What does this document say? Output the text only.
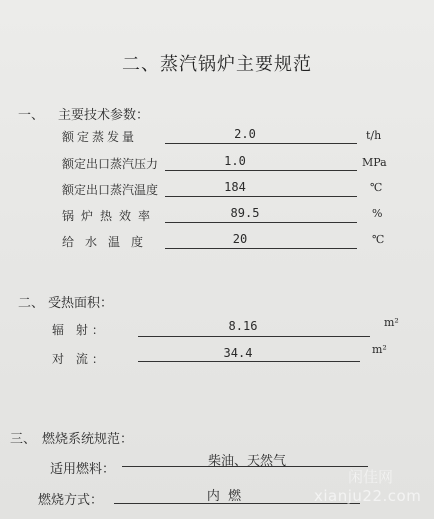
二、蒸汽锅炉主要规范
一、 主要技术参数：
额定蒸发量	2.0	t/h
额定出口蒸汽压力	1.0	MPa
额定出口蒸汽温度	184	℃
锅炉热效率	89.5	%
给水温度	20	℃
二、 受热面积：
辐 射：	8.16	m²
对 流：	34.4	m²
三、 燃烧系统规范：
适用燃料：
柴油、天然气
燃烧方式：	内  燃
闲佳网
xianju22.com
